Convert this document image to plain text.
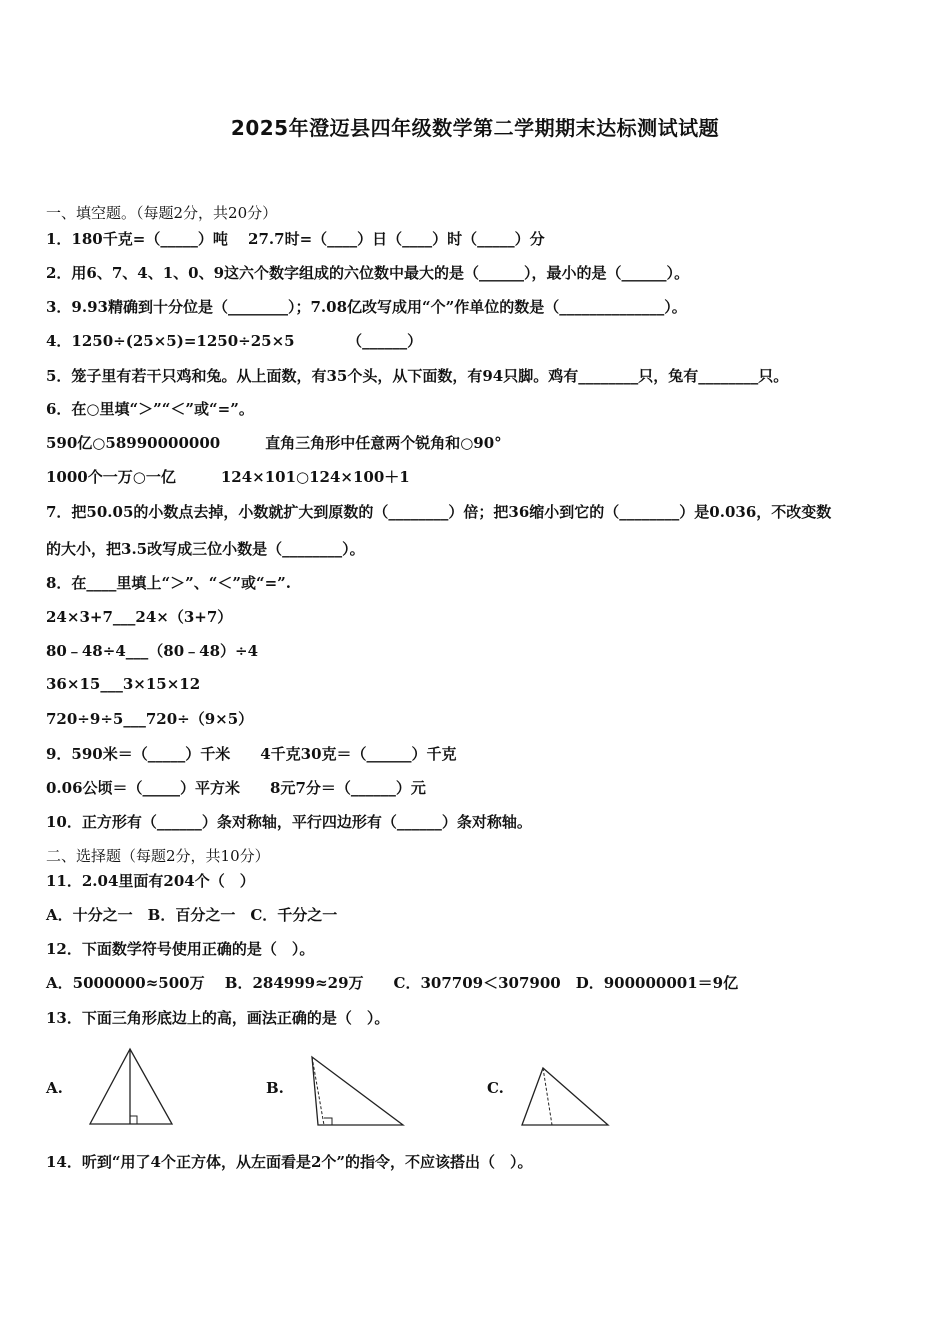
2025年澄迈县四年级数学第二学期期末达标测试试题
一、填空题。（每题2分，共20分）
1．180千克=（_____）吨　 27.7时=（____）日（____）时（_____）分
2．用6、7、4、1、0、9这六个数字组成的六位数中最大的是（______），最小的是（______）。
3．9.93精确到十分位是（________）；7.08亿改写成用“个”作单位的数是（______________）。
4．1250÷(25×5)=1250÷25×5　　　　（______）
5．笼子里有若干只鸡和兔。从上面数，有35个头，从下面数，有94只脚。鸡有________只，兔有________只。
6．在○里填“＞”“＜”或“=”。
590亿○58990000000　　　直角三角形中任意两个锐角和○90°
1000个一万○一亿　　　124×101○124×100＋1
7．把50.05的小数点去掉，小数就扩大到原数的（________）倍；把36缩小到它的（________）是0.036，不改变数
的大小，把3.5改写成三位小数是（________）。
8．在____里填上“＞”、“＜”或“=”.
24×3+7___24×（3+7）
80﹣48÷4___（80﹣48）÷4
36×15___3×15×12
720÷9÷5___720÷（9×5）
9．590米＝（_____）千米　　4千克30克＝（______）千克
0.06公顷＝（_____）平方米　　8元7分＝（______）元
10．正方形有（______）条对称轴，平行四边形有（______）条对称轴。
二、选择题（每题2分，共10分）
11．2.04里面有204个（　）
A．十分之一　B．百分之一　C．千分之一
12．下面数学符号使用正确的是（　）。
A．5000000≈500万　 B．284999≈29万　　C．307709＜307900　D．900000001＝9亿
13．下面三角形底边上的高，画法正确的是（　）。
A.	B.	C.
14．听到“用了4个正方体，从左面看是2个”的指令，不应该搭出（　）。
